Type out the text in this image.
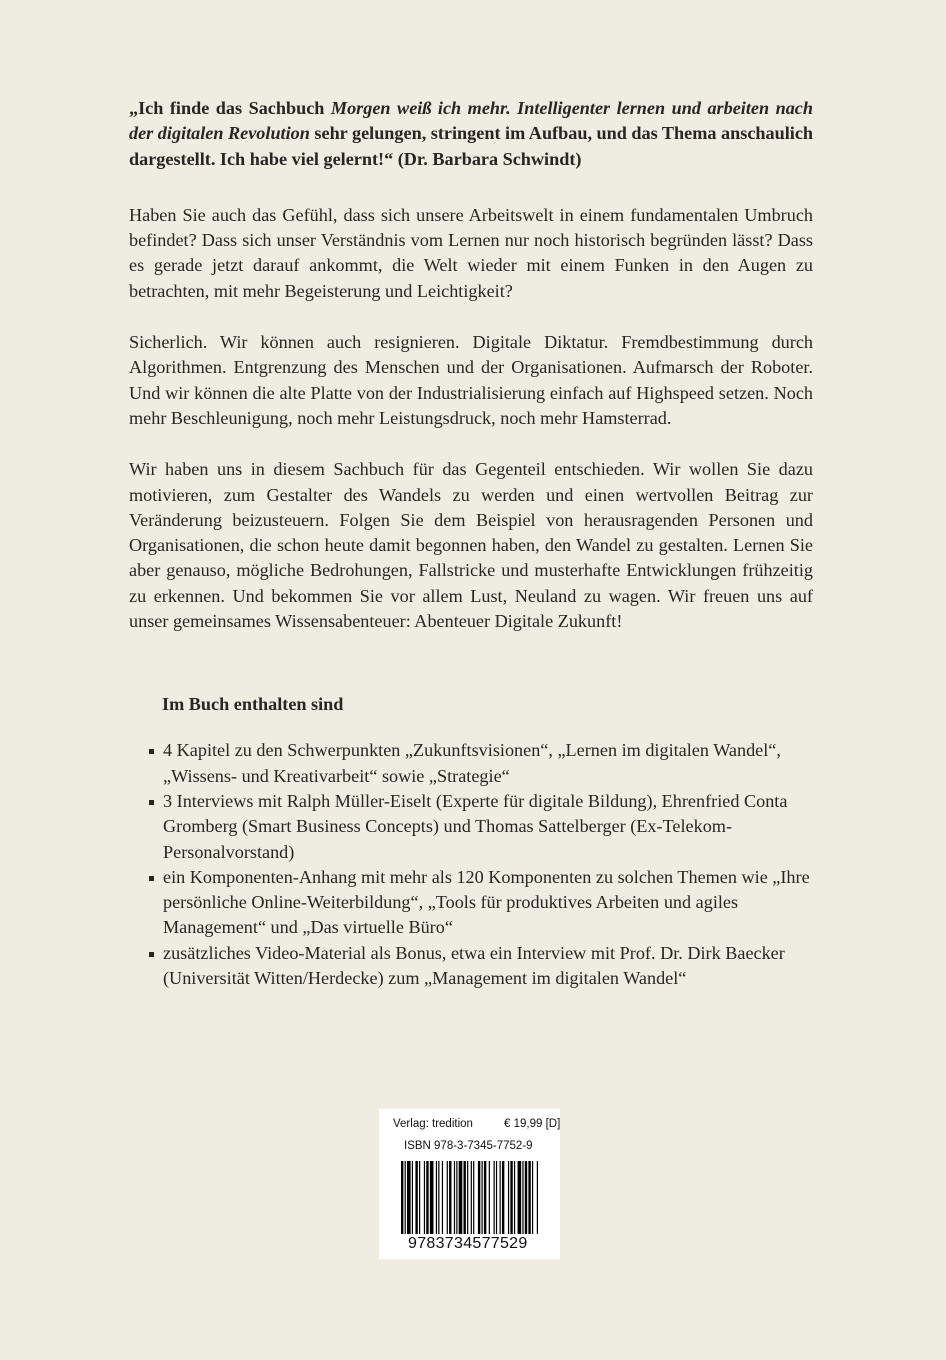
„Ich finde das Sachbuch Morgen weiß ich mehr. Intelligenter lernen und arbeiten nach der digitalen Revolution sehr gelungen, stringent im Aufbau, und das Thema anschaulich dargestellt. Ich habe viel gelernt!“ (Dr. Barbara Schwindt)

Haben Sie auch das Gefühl, dass sich unsere Arbeitswelt in einem fundamentalen Umbruch befindet? Dass sich unser Verständnis vom Lernen nur noch historisch begründen lässt? Dass es gerade jetzt darauf ankommt, die Welt wieder mit einem Funken in den Augen zu betrachten, mit mehr Begeisterung und Leichtigkeit?

Sicherlich. Wir können auch resignieren. Digitale Diktatur. Fremdbestimmung durch Algorithmen. Entgrenzung des Menschen und der Organisationen. Aufmarsch der Roboter. Und wir können die alte Platte von der Industrialisierung einfach auf Highspeed setzen. Noch mehr Beschleunigung, noch mehr Leistungsdruck, noch mehr Hamsterrad.

Wir haben uns in diesem Sachbuch für das Gegenteil entschieden. Wir wollen Sie dazu motivieren, zum Gestalter des Wandels zu werden und einen wertvollen Beitrag zur Veränderung beizusteuern. Folgen Sie dem Beispiel von herausragenden Personen und Organisationen, die schon heute damit begonnen haben, den Wandel zu gestalten. Lernen Sie aber genauso, mögliche Bedrohungen, Fallstricke und musterhafte Entwicklungen frühzeitig zu erkennen. Und bekommen Sie vor allem Lust, Neuland zu wagen. Wir freuen uns auf unser gemeinsames Wissensabenteuer: Abenteuer Digitale Zukunft!

Im Buch enthalten sind
4 Kapitel zu den Schwerpunkten „Zukunftsvisionen“, „Lernen im digitalen Wandel“, „Wissens- und Kreativarbeit“ sowie „Strategie“
3 Interviews mit Ralph Müller-Eiselt (Experte für digitale Bildung), Ehrenfried Conta Gromberg (Smart Business Concepts) und Thomas Sattelberger (Ex-Telekom-Personalvorstand)
ein Komponenten-Anhang mit mehr als 120 Komponenten zu solchen Themen wie „Ihre persönliche Online-Weiterbildung“, „Tools für produktives Arbeiten und agiles Management“ und „Das virtuelle Büro“
zusätzliches Video-Material als Bonus, etwa ein Interview mit Prof. Dr. Dirk Baecker (Universität Witten/Herdecke) zum „Management im digitalen Wandel“
Verlag: tredition	€ 19,99 [D]
ISBN 978-3-7345-7752-9
9783734577529
